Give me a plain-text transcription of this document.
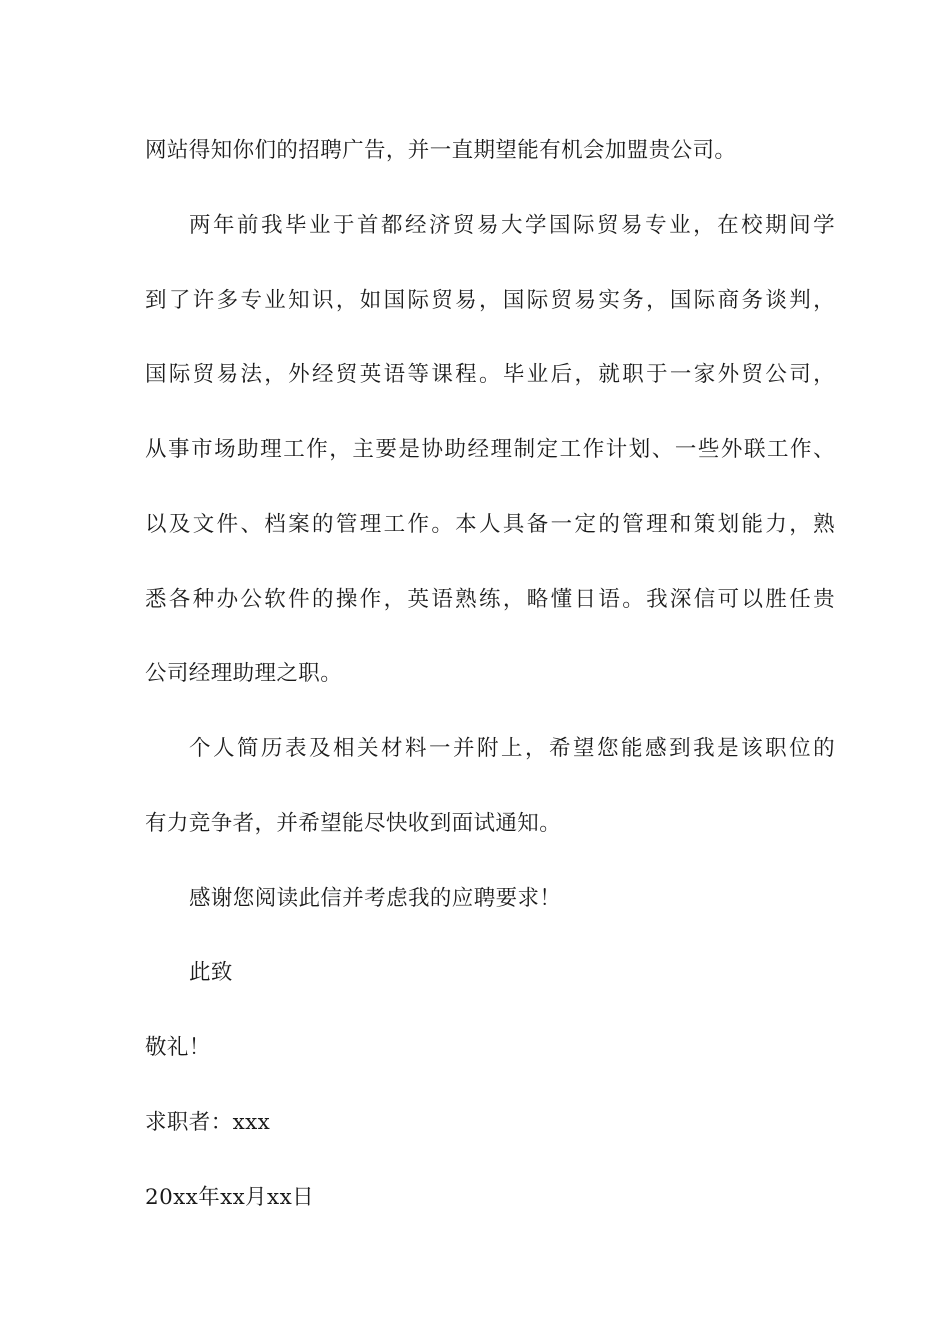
网站得知你们的招聘广告，并一直期望能有机会加盟贵公司。
两年前我毕业于首都经济贸易大学国际贸易专业，在校期间学
到了许多专业知识，如国际贸易，国际贸易实务，国际商务谈判，
国际贸易法，外经贸英语等课程。毕业后，就职于一家外贸公司，
从事市场助理工作，主要是协助经理制定工作计划、一些外联工作、
以及文件、档案的管理工作。本人具备一定的管理和策划能力，熟
悉各种办公软件的操作，英语熟练，略懂日语。我深信可以胜任贵
公司经理助理之职。
个人简历表及相关材料一并附上，希望您能感到我是该职位的
有力竞争者，并希望能尽快收到面试通知。
感谢您阅读此信并考虑我的应聘要求！
此致
敬礼！
求职者：xxx
20xx年xx月xx日
